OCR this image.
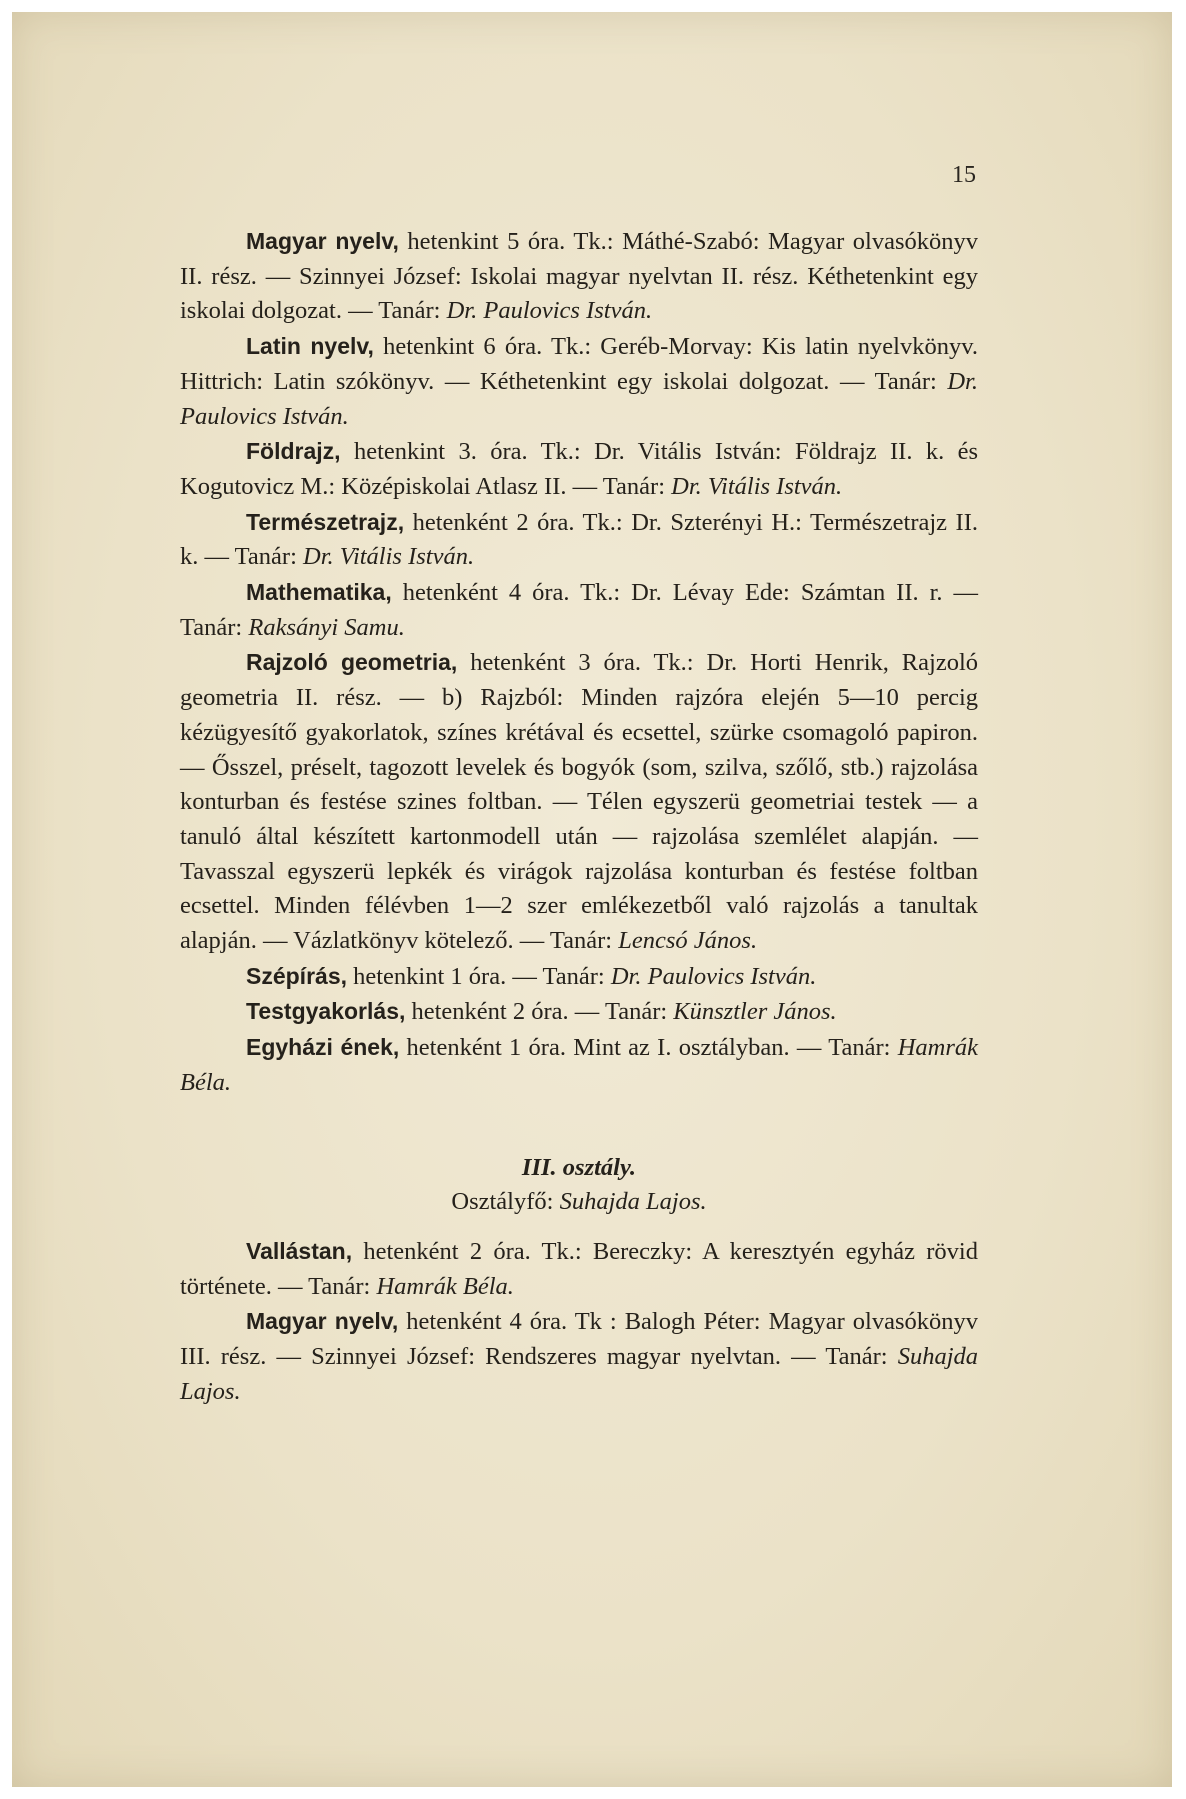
15

Magyar nyelv, hetenkint 5 óra. Tk.: Máthé-Szabó: Magyar olvasókönyv II. rész. — Szinnyei József: Iskolai magyar nyelvtan II. rész. Kéthetenkint egy iskolai dolgozat. — Tanár: Dr. Paulovics István.

Latin nyelv, hetenkint 6 óra. Tk.: Geréb-Morvay: Kis latin nyelvkönyv. Hittrich: Latin szókönyv. — Kéthetenkint egy iskolai dolgozat. — Tanár: Dr. Paulovics István.

Földrajz, hetenkint 3. óra. Tk.: Dr. Vitális István: Földrajz II. k. és Kogutovicz M.: Középiskolai Atlasz II. — Tanár: Dr. Vitális István.

Természetrajz, hetenként 2 óra. Tk.: Dr. Szterényi H.: Természetrajz II. k. — Tanár: Dr. Vitális István.

Mathematika, hetenként 4 óra. Tk.: Dr. Lévay Ede: Számtan II. r. — Tanár: Raksányi Samu.

Rajzoló geometria, hetenként 3 óra. Tk.: Dr. Horti Henrik, Rajzoló geometria II. rész. — b) Rajzból: Minden rajzóra elején 5—10 percig kézügyesítő gyakorlatok, színes krétával és ecsettel, szürke csomagoló papiron. — Ősszel, préselt, tagozott levelek és bogyók (som, szilva, szőlő, stb.) rajzolása konturban és festése szines foltban. — Télen egyszerü geometriai testek — a tanuló által készített kartonmodell után — rajzolása szemlélet alapján. — Tavasszal egyszerü lepkék és virágok rajzolása konturban és festése foltban ecsettel. Minden félévben 1—2 szer emlékezetből való rajzolás a tanultak alapján. — Vázlatkönyv kötelező. — Tanár: Lencsó János.

Szépírás, hetenkint 1 óra. — Tanár: Dr. Paulovics István.

Testgyakorlás, hetenként 2 óra. — Tanár: Künsztler János.

Egyházi ének, hetenként 1 óra. Mint az I. osztályban. — Tanár: Hamrák Béla.

III. osztály.

Osztályfő: Suhajda Lajos.

Vallástan, hetenként 2 óra. Tk.: Bereczky: A keresztyén egyház rövid története. — Tanár: Hamrák Béla.

Magyar nyelv, hetenként 4 óra. Tk : Balogh Péter: Magyar olvasókönyv III. rész. — Szinnyei József: Rendszeres magyar nyelvtan. — Tanár: Suhajda Lajos.
